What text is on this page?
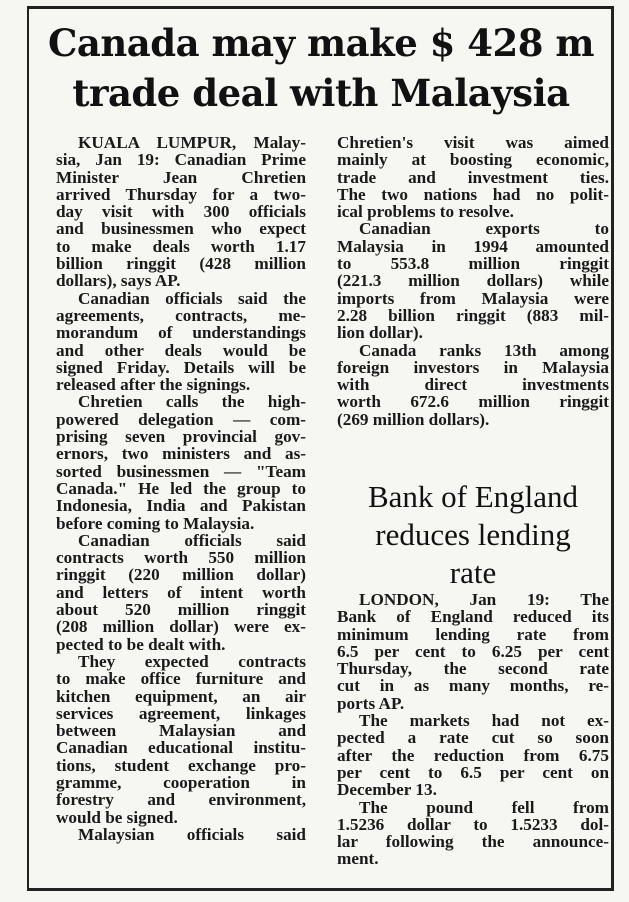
Canada may make $ 428 m
trade deal with Malaysia
KUALA LUMPUR, Malay-
sia, Jan 19: Canadian Prime
Minister Jean Chretien
arrived Thursday for a two-
day visit with 300 officials
and businessmen who expect
to make deals worth 1.17
billion ringgit (428 million
dollars), says AP.
Canadian officials said the
agreements, contracts, me-
morandum of understandings
and other deals would be
signed Friday. Details will be
released after the signings.
Chretien calls the high-
powered delegation — com-
prising seven provincial gov-
ernors, two ministers and as-
sorted businessmen — "Team
Canada." He led the group to
Indonesia, India and Pakistan
before coming to Malaysia.
Canadian officials said
contracts worth 550 million
ringgit (220 million dollar)
and letters of intent worth
about 520 million ringgit
(208 million dollar) were ex-
pected to be dealt with.
They expected contracts
to make office furniture and
kitchen equipment, an air
services agreement, linkages
between Malaysian and
Canadian educational institu-
tions, student exchange pro-
gramme, cooperation in
forestry and environment,
would be signed.
Malaysian officials said
Chretien's visit was aimed
mainly at boosting economic,
trade and investment ties.
The two nations had no polit-
ical problems to resolve.
Canadian exports to
Malaysia in 1994 amounted
to 553.8 million ringgit
(221.3 million dollars) while
imports from Malaysia were
2.28 billion ringgit (883 mil-
lion dollar).
Canada ranks 13th among
foreign investors in Malaysia
with direct investments
worth 672.6 million ringgit
(269 million dollars).
Bank of England
reduces lending
rate
LONDON, Jan 19: The
Bank of England reduced its
minimum lending rate from
6.5 per cent to 6.25 per cent
Thursday, the second rate
cut in as many months, re-
ports AP.
The markets had not ex-
pected a rate cut so soon
after the reduction from 6.75
per cent to 6.5 per cent on
December 13.
The pound fell from
1.5236 dollar to 1.5233 dol-
lar following the announce-
ment.
